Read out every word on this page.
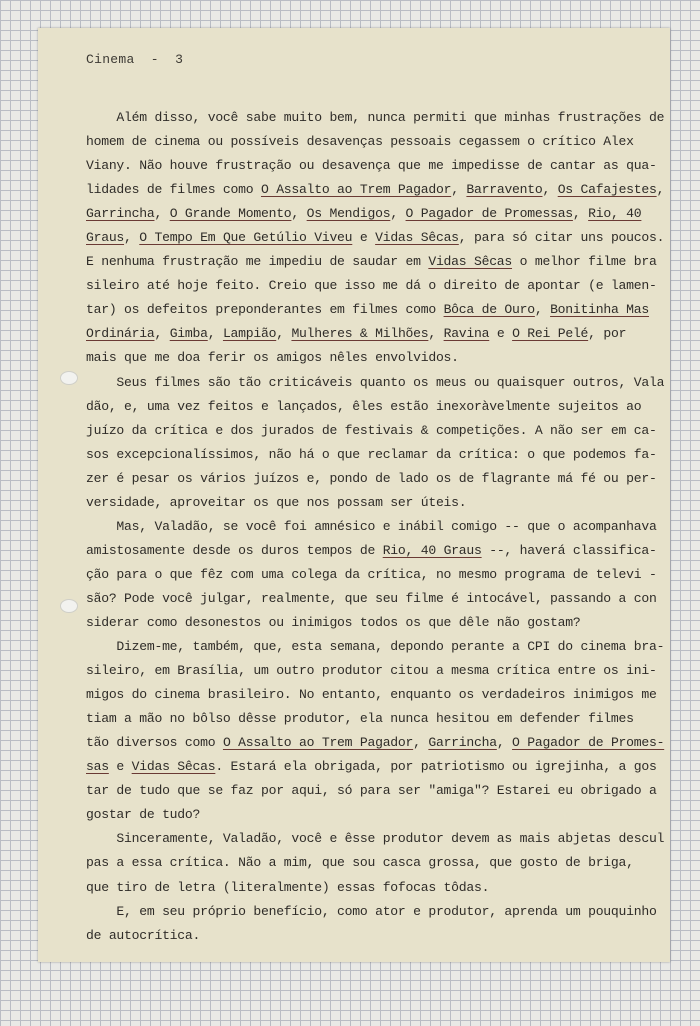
Cinema  -  3
Além disso, você sabe muito bem, nunca permiti que minhas frustrações de
homem de cinema ou possíveis desavenças pessoais cegassem o crítico Alex
Viany. Não houve frustração ou desavença que me impedisse de cantar as qua-
lidades de filmes como O Assalto ao Trem Pagador, Barravento, Os Cafajestes,
Garrincha, O Grande Momento, Os Mendigos, O Pagador de Promessas, Rio, 40
Graus, O Tempo Em Que Getúlio Viveu e Vidas Sêcas, para só citar uns poucos.
E nenhuma frustração me impediu de saudar em Vidas Sêcas o melhor filme bra
sileiro até hoje feito. Creio que isso me dá o direito de apontar (e lamen-
tar) os defeitos preponderantes em filmes como Bôca de Ouro, Bonitinha Mas
Ordinária, Gimba, Lampião, Mulheres & Milhões, Ravina e O Rei Pelé, por
mais que me doa ferir os amigos nêles envolvidos.
Seus filmes são tão criticáveis quanto os meus ou quaisquer outros, Vala
dão, e, uma vez feitos e lançados, êles estão inexoràvelmente sujeitos ao
juízo da crítica e dos jurados de festivais & competições. A não ser em ca-
sos excepcionalíssimos, não há o que reclamar da crítica: o que podemos fa-
zer é pesar os vários juízos e, pondo de lado os de flagrante má fé ou per-
versidade, aproveitar os que nos possam ser úteis.
Mas, Valadão, se você foi amnésico e inábil comigo -- que o acompanhava
amistosamente desde os duros tempos de Rio, 40 Graus --, haverá classifica-
ção para o que fêz com uma colega da crítica, no mesmo programa de televi -
são? Pode você julgar, realmente, que seu filme é intocável, passando a con
siderar como desonestos ou inimigos todos os que dêle não gostam?
Dizem-me, também, que, esta semana, depondo perante a CPI do cinema bra-
sileiro, em Brasília, um outro produtor citou a mesma crítica entre os ini-
migos do cinema brasileiro. No entanto, enquanto os verdadeiros inimigos me
tiam a mão no bôlso dêsse produtor, ela nunca hesitou em defender filmes
tão diversos como O Assalto ao Trem Pagador, Garrincha, O Pagador de Promes-
sas e Vidas Sêcas. Estará ela obrigada, por patriotismo ou igrejinha, a gos
tar de tudo que se faz por aqui, só para ser "amiga"? Estarei eu obrigado a
gostar de tudo?
Sinceramente, Valadão, você e êsse produtor devem as mais abjetas descul
pas a essa crítica. Não a mim, que sou casca grossa, que gosto de briga,
que tiro de letra (literalmente) essas fofocas tôdas.
E, em seu próprio benefício, como ator e produtor, aprenda um pouquinho
de autocrítica.
